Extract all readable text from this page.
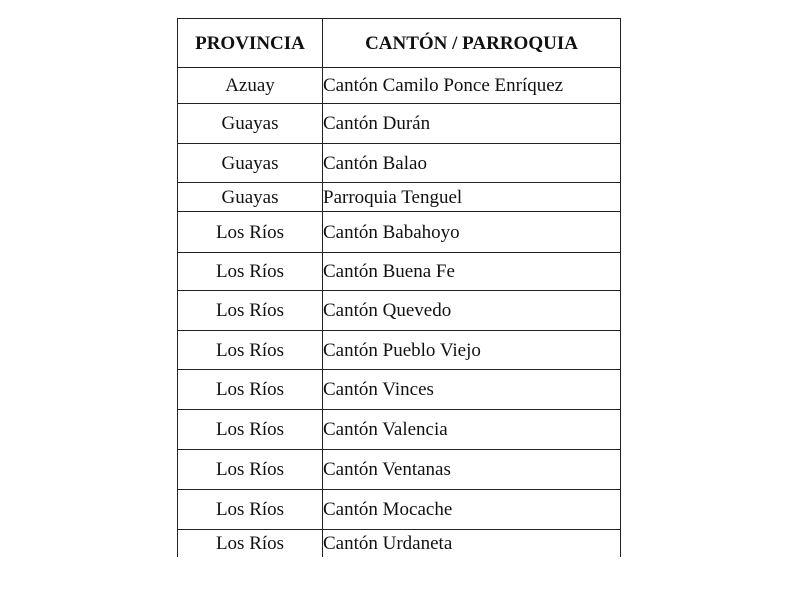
PROVINCIA	CANTÓN / PARROQUIA
Azuay	Cantón Camilo Ponce Enríquez
Guayas	Cantón Durán
Guayas	Cantón Balao
Guayas	Parroquia Tenguel
Los Ríos	Cantón Babahoyo
Los Ríos	Cantón Buena Fe
Los Ríos	Cantón Quevedo
Los Ríos	Cantón Pueblo Viejo
Los Ríos	Cantón Vinces
Los Ríos	Cantón Valencia
Los Ríos	Cantón Ventanas
Los Ríos	Cantón Mocache
Los Ríos	Cantón Urdaneta
